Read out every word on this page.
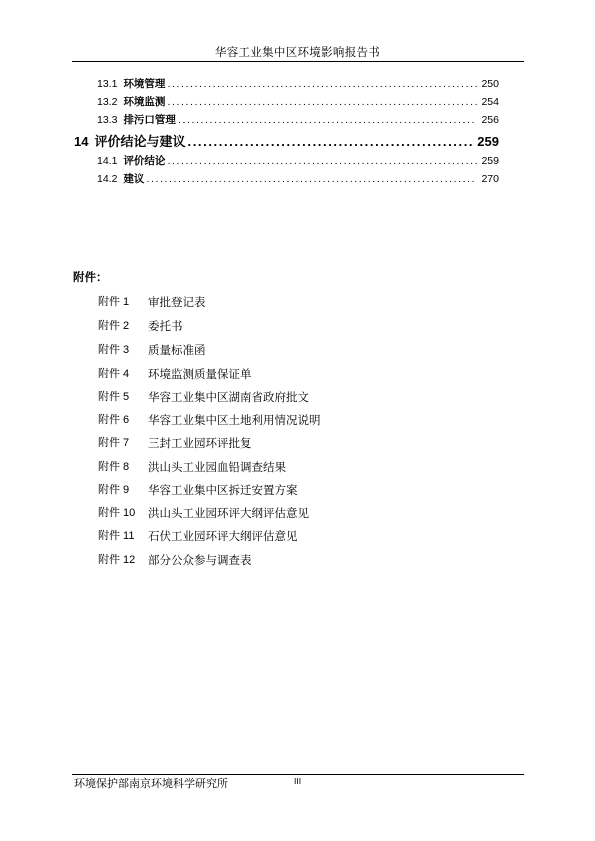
华容工业集中区环境影响报告书
13.1 环境管理 .....	250
13.2 环境监测 .....	254
13.3 排污口管理 .....	256
14 评价结论与建议 .....	259
14.1 评价结论 .....	259
14.2 建议 .....	270
附件：
附件 1 审批登记表
附件 2 委托书
附件 3 质量标准函
附件 4 环境监测质量保证单
附件 5 华容工业集中区湖南省政府批文
附件 6 华容工业集中区土地利用情况说明
附件 7 三封工业园环评批复
附件 8 洪山头工业园血铅调查结果
附件 9 华容工业集中区拆迁安置方案
附件 10 洪山头工业园环评大纲评估意见
附件 11 石伏工业园环评大纲评估意见
附件 12 部分公众参与调查表
环境保护部南京环境科学研究所	III
